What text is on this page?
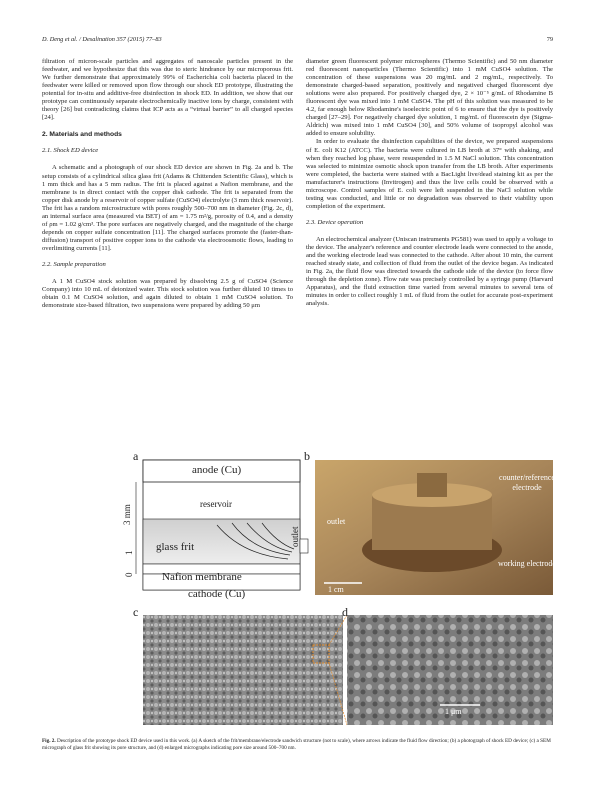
D. Deng et al. / Desalination 357 (2015) 77–83	79

filtration of micron-scale particles and aggregates of nanoscale particles present in the feedwater, and we hypothesize that this was due to steric hindrance by our microporous frit. We further demonstrate that approximately 99% of Escherichia coli bacteria placed in the feedwater were killed or removed upon flow through our shock ED prototype, illustrating the potential for in-situ and additive-free disinfection in shock ED. In addition, we show that our prototype can continuously separate electrochemically inactive ions by charge, consistent with theory [26] but contradicting claims that ICP acts as a “virtual barrier” to all charged species [24].

2. Materials and methods

2.1. Shock ED device

A schematic and a photograph of our shock ED device are shown in Fig. 2a and b. The setup consists of a cylindrical silica glass frit (Adams & Chittenden Scientific Glass), which is 1 mm thick and has a 5 mm radius. The frit is placed against a Nafion membrane, and the membrane is in direct contact with the copper disk cathode. The frit is separated from the copper disk anode by a reservoir of copper sulfate (CuSO4) electrolyte (3 mm thick reservoir). The frit has a random microstructure with pores roughly 500–700 nm in diameter (Fig. 2c, d), an internal surface area (measured via BET) of am = 1.75 m²/g, porosity of 0.4, and a density of ρm = 1.02 g/cm³. The pore surfaces are negatively charged, and the magnitude of the charge depends on copper sulfate concentration [11]. The charged surfaces promote the (faster-than-diffusion) transport of positive copper ions to the cathode via electroosmotic flows, leading to overlimiting currents [11].

2.2. Sample preparation

A 1 M CuSO4 stock solution was prepared by dissolving 2.5 g of CuSO4 (Science Company) into 10 mL of deionized water. This stock solution was further diluted 10 times to obtain 0.1 M CuSO4 solution, and again diluted to obtain 1 mM CuSO4 solution. To demonstrate size-based filtration, two suspensions were prepared by adding 50 μm

diameter green fluorescent polymer microspheres (Thermo Scientific) and 50 nm diameter red fluorescent nanoparticles (Thermo Scientific) into 1 mM CuSO4 solution. The concentration of these suspensions was 20 mg/mL and 2 mg/mL, respectively. To demonstrate charged-based separation, positively and negatived charged fluorescent dye solutions were also prepared. For positively charged dye, 2 × 10⁻⁵ g/mL of Rhodamine B fluorescent dye was mixed into 1 mM CuSO4. The pH of this solution was measured to be 4.2, far enough below Rhodamine's isoelectric point of 6 to ensure that the dye is positively charged [27–29]. For negatively charged dye solution, 1 mg/mL of fluorescein dye (Sigma-Aldrich) was mixed into 1 mM CuSO4 [30], and 50% volume of isopropyl alcohol was added to ensure solubility.

In order to evaluate the disinfection capabilities of the device, we prepared suspensions of E. coli K12 (ATCC). The bacteria were cultured in LB broth at 37° with shaking, and when they reached log phase, were resuspended in 1.5 M NaCl solution. This concentration was selected to minimize osmotic shock upon transfer from the LB broth. After experiments were completed, the bacteria were stained with a BacLight live/dead staining kit as per the manufacturer's instructions (Invitrogen) and thus the live cells could be observed with a microscope. Control samples of E. coli were left suspended in the NaCl solution while testing was conducted, and little or no degradation was observed to their viability upon completion of the experiment.

2.3. Device operation

An electrochemical analyzer (Uniscan instruments PG581) was used to apply a voltage to the device. The analyzer's reference and counter electrode leads were connected to the anode, and the working electrode lead was connected to the cathode. After about 10 min, the current reached steady state, and collection of fluid from the outlet of the device began. As indicated in Fig. 2a, the fluid flow was directed towards the cathode side of the device (to force flow through the depletion zone). Flow rate was precisely controlled by a syringe pump (Harvard Apparatus), and the fluid extraction time varied from several minutes to several tens of minutes in order to collect roughly 1 mL of fluid from the outlet for accurate post-experiment analysis.

a	b
c	d
anode (Cu)
reservoir
glass frit
Nafion membrane
cathode (Cu)
outlet
3 mm
1
0
counter/reference electrode
outlet
working electrode
1 cm
1 μm
Fig. 2. Description of the prototype shock ED device used in this work. (a) A sketch of the frit/membrane/electrode sandwich structure (not to scale), where arrows indicate the fluid flow direction; (b) a photograph of shock ED device; (c) a SEM micrograph of glass frit showing its pore structure, and (d) enlarged micrographs indicating pore size around 500–700 nm.
